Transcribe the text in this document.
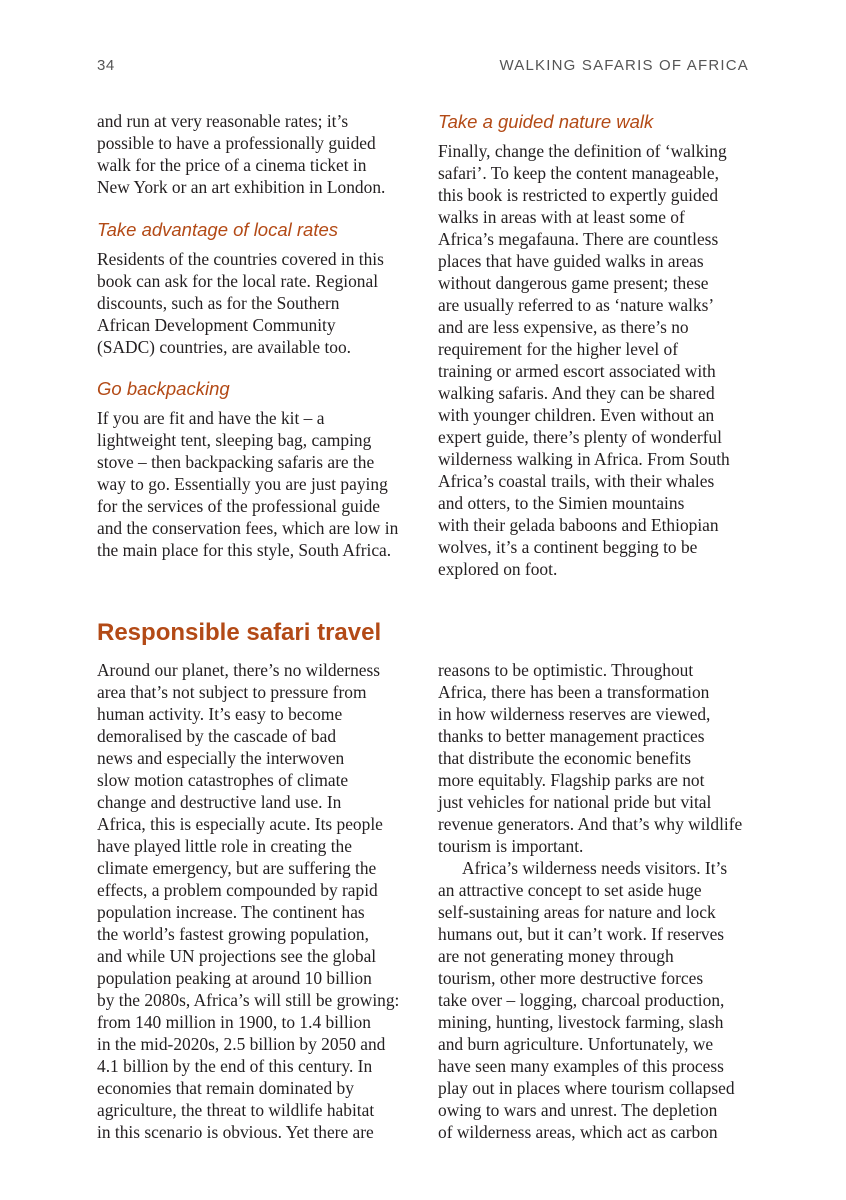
34	WALKING SAFARIS OF AFRICA
and run at very reasonable rates; it’s
possible to have a professionally guided
walk for the price of a cinema ticket in
New York or an art exhibition in London.
Take advantage of local rates
Residents of the countries covered in this
book can ask for the local rate. Regional
discounts, such as for the Southern
African Development Community
(SADC) countries, are available too.
Go backpacking
If you are fit and have the kit – a
lightweight tent, sleeping bag, camping
stove – then backpacking safaris are the
way to go. Essentially you are just paying
for the services of the professional guide
and the conservation fees, which are low in
the main place for this style, South Africa.
Take a guided nature walk
Finally, change the definition of ‘walking
safari’. To keep the content manageable,
this book is restricted to expertly guided
walks in areas with at least some of
Africa’s megafauna. There are countless
places that have guided walks in areas
without dangerous game present; these
are usually referred to as ‘nature walks’
and are less expensive, as there’s no
requirement for the higher level of
training or armed escort associated with
walking safaris. And they can be shared
with younger children. Even without an
expert guide, there’s plenty of wonderful
wilderness walking in Africa. From South
Africa’s coastal trails, with their whales
and otters, to the Simien mountains
with their gelada baboons and Ethiopian
wolves, it’s a continent begging to be
explored on foot.
Responsible safari travel
Around our planet, there’s no wilderness
area that’s not subject to pressure from
human activity. It’s easy to become
demoralised by the cascade of bad
news and especially the interwoven
slow motion catastrophes of climate
change and destructive land use. In
Africa, this is especially acute. Its people
have played little role in creating the
climate emergency, but are suffering the
effects, a problem compounded by rapid
population increase. The continent has
the world’s fastest growing population,
and while UN projections see the global
population peaking at around 10 billion
by the 2080s, Africa’s will still be growing:
from 140 million in 1900, to 1.4 billion
in the mid-2020s, 2.5 billion by 2050 and
4.1 billion by the end of this century. In
economies that remain dominated by
agriculture, the threat to wildlife habitat
in this scenario is obvious. Yet there are
reasons to be optimistic. Throughout
Africa, there has been a transformation
in how wilderness reserves are viewed,
thanks to better management practices
that distribute the economic benefits
more equitably. Flagship parks are not
just vehicles for national pride but vital
revenue generators. And that’s why wildlife
tourism is important.
Africa’s wilderness needs visitors. It’s
an attractive concept to set aside huge
self-sustaining areas for nature and lock
humans out, but it can’t work. If reserves
are not generating money through
tourism, other more destructive forces
take over – logging, charcoal production,
mining, hunting, livestock farming, slash
and burn agriculture. Unfortunately, we
have seen many examples of this process
play out in places where tourism collapsed
owing to wars and unrest. The depletion
of wilderness areas, which act as carbon
